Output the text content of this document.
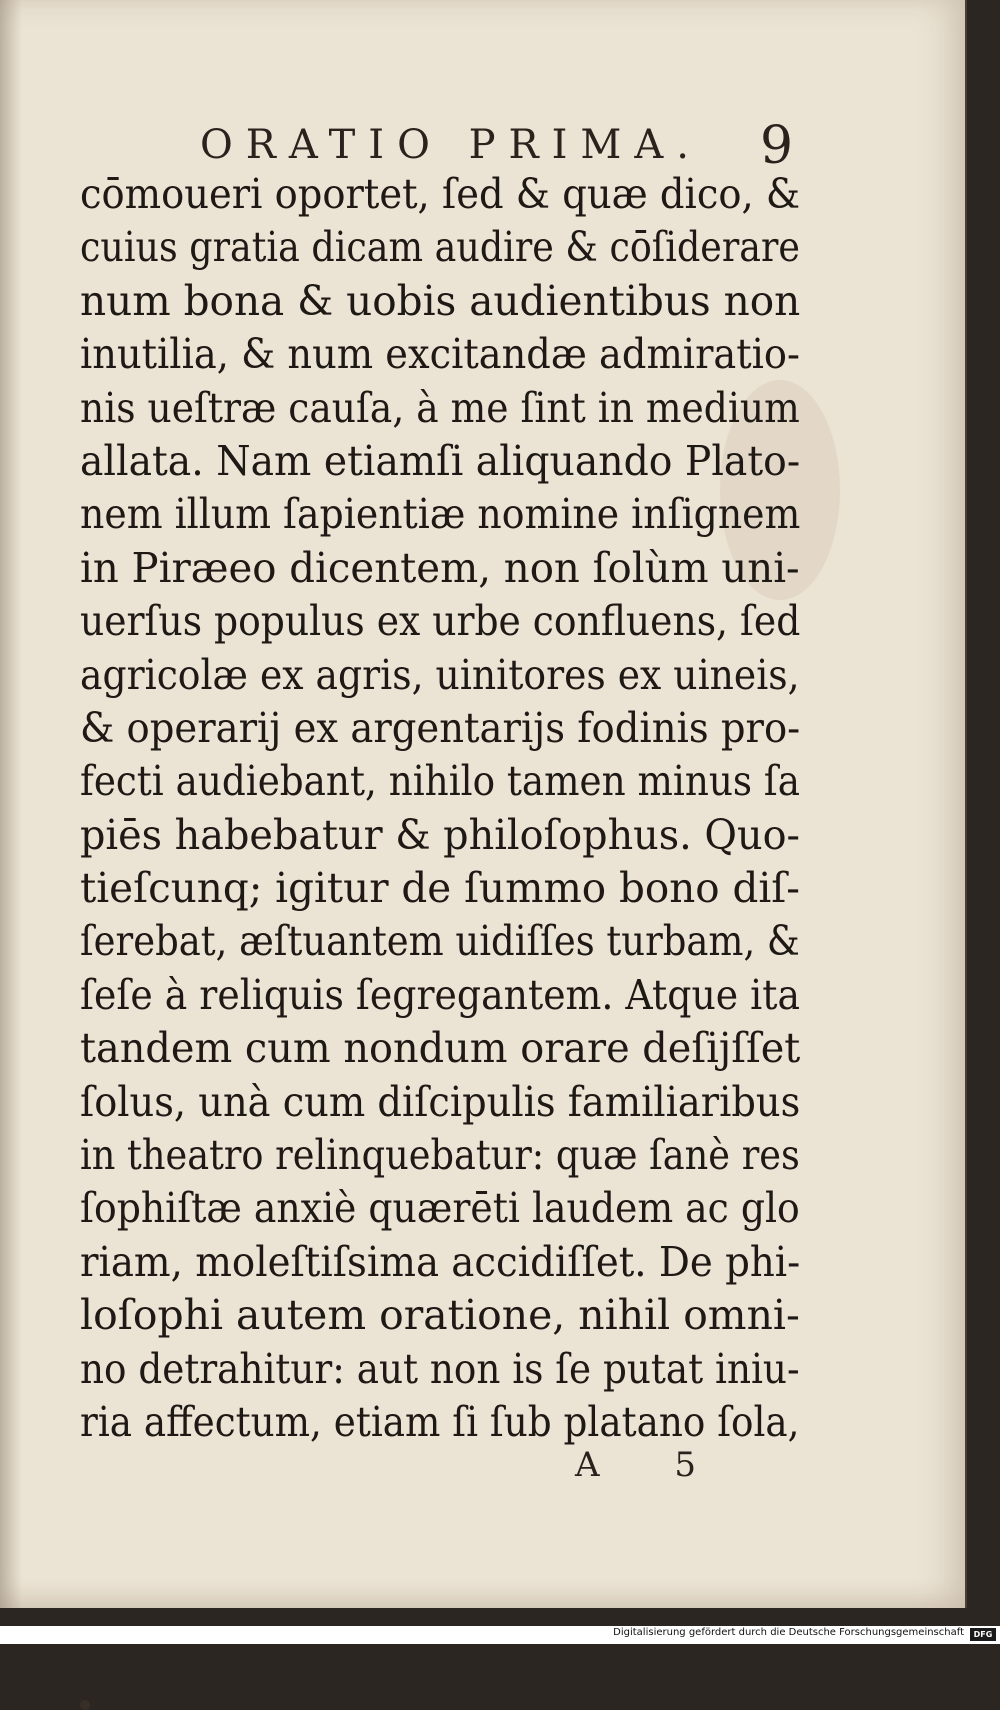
ORATIO PRIMA. 9
cōmoueri oportet, ſed & quæ dico, &
cuius gratia dicam audire & cōſiderare
num bona & uobis audientibus non
inutilia, & num excitandæ admiratio-
nis ueſtræ cauſa, à me ſint in medium
allata. Nam etiamſi aliquando Plato-
nem illum ſapientiæ nomine inſignem
in Piræeo dicentem, non ſolùm uni-
uerſus populus ex urbe confluens, ſed
agricolæ ex agris, uinitores ex uineis,
& operarij ex argentarijs fodinis pro-
fecti audiebant, nihilo tamen minus ſa
piēs habebatur & philoſophus. Quo-
tieſcunq; igitur de ſummo bono diſ-
ſerebat, æſtuantem uidiſſes turbam, &
ſeſe à reliquis ſegregantem. Atque ita
tandem cum nondum orare deſijſſet
ſolus, unà cum diſcipulis familiaribus
in theatro relinquebatur: quæ ſanè res
ſophiſtæ anxiè quærēti laudem ac glo
riam, moleſtiſsima accidiſſet. De phi-
loſophi autem oratione, nihil omni-
no detrahitur: aut non is ſe putat iniu-
ria affectum, etiam ſi ſub platano ſola,
A 5
Digitalisierung gefördert durch die Deutsche Forschungsgemeinschaft	DFG
